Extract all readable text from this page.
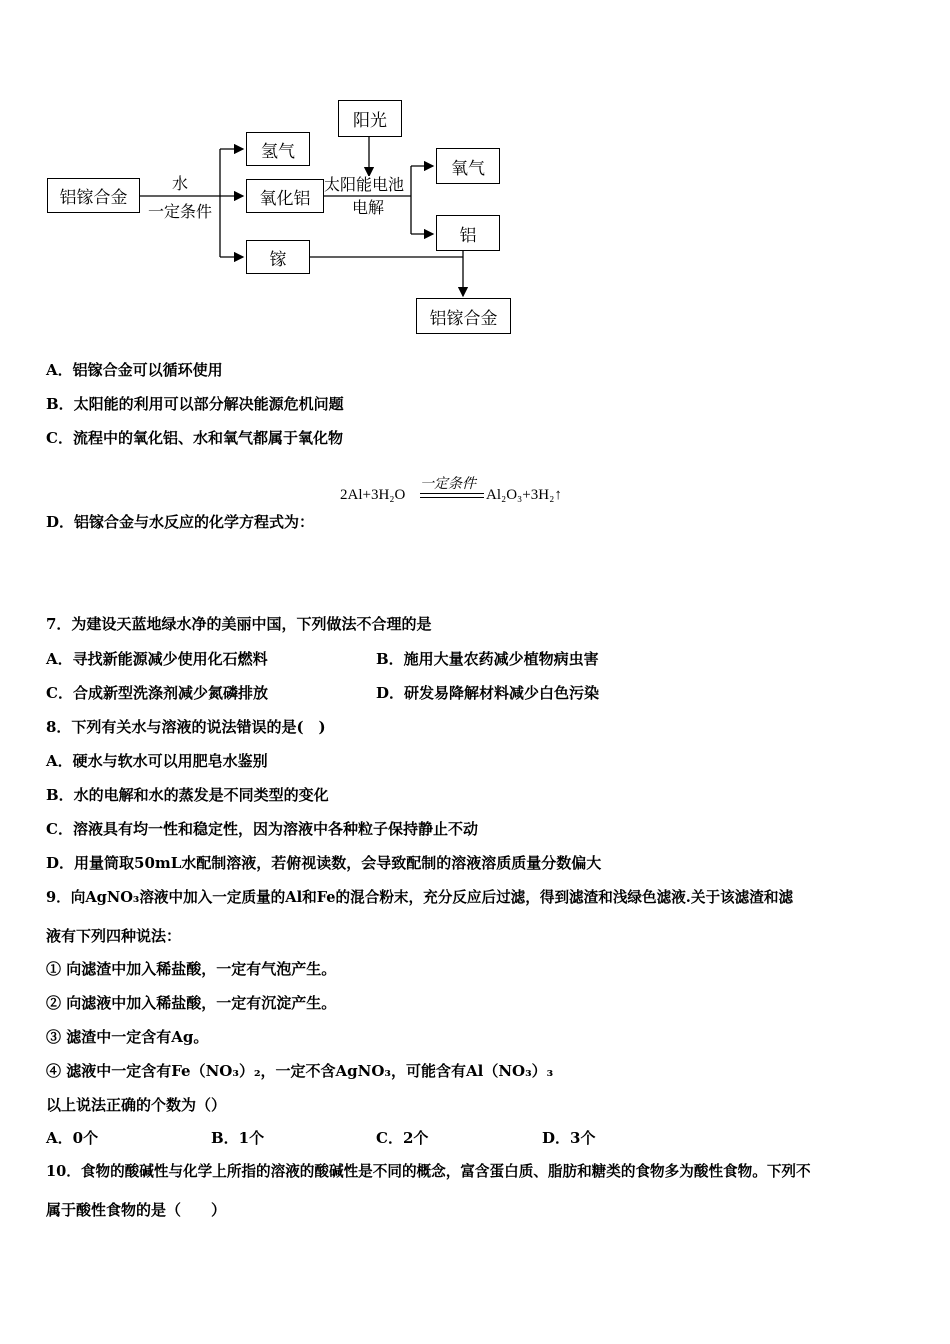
铝镓合金
氢气
氧化铝
镓
阳光
氧气
铝
铝镓合金
水
一定条件
太阳能电池
电解
A．铝镓合金可以循环使用
B．太阳能的利用可以部分解决能源危机问题
C．流程中的氧化铝、水和氧气都属于氧化物
2Al+3H₂O
一定条件
Al₂O₃+3H₂↑
D．铝镓合金与水反应的化学方程式为：
7．为建设天蓝地绿水净的美丽中国，下列做法不合理的是
A．寻找新能源减少使用化石燃料	B．施用大量农药减少植物病虫害
C．合成新型洗涤剂减少氮磷排放	D．研发易降解材料减少白色污染
8．下列有关水与溶液的说法错误的是(　)
A．硬水与软水可以用肥皂水鉴别
B．水的电解和水的蒸发是不同类型的变化
C．溶液具有均一性和稳定性，因为溶液中各种粒子保持静止不动
D．用量筒取50mL水配制溶液，若俯视读数，会导致配制的溶液溶质质量分数偏大
9．向AgNO₃溶液中加入一定质量的Al和Fe的混合粉末，充分反应后过滤，得到滤渣和浅绿色滤液.关于该滤渣和滤
液有下列四种说法：
① 向滤渣中加入稀盐酸，一定有气泡产生。
② 向滤液中加入稀盐酸，一定有沉淀产生。
③ 滤渣中一定含有Ag。
④ 滤液中一定含有Fe（NO₃）₂，一定不含AgNO₃，可能含有Al（NO₃）₃
以上说法正确的个数为（）
A．0个	B．1个	C．2个	D．3个
10．食物的酸碱性与化学上所指的溶液的酸碱性是不同的概念，富含蛋白质、脂肪和糖类的食物多为酸性食物。下列不
属于酸性食物的是（　　）
